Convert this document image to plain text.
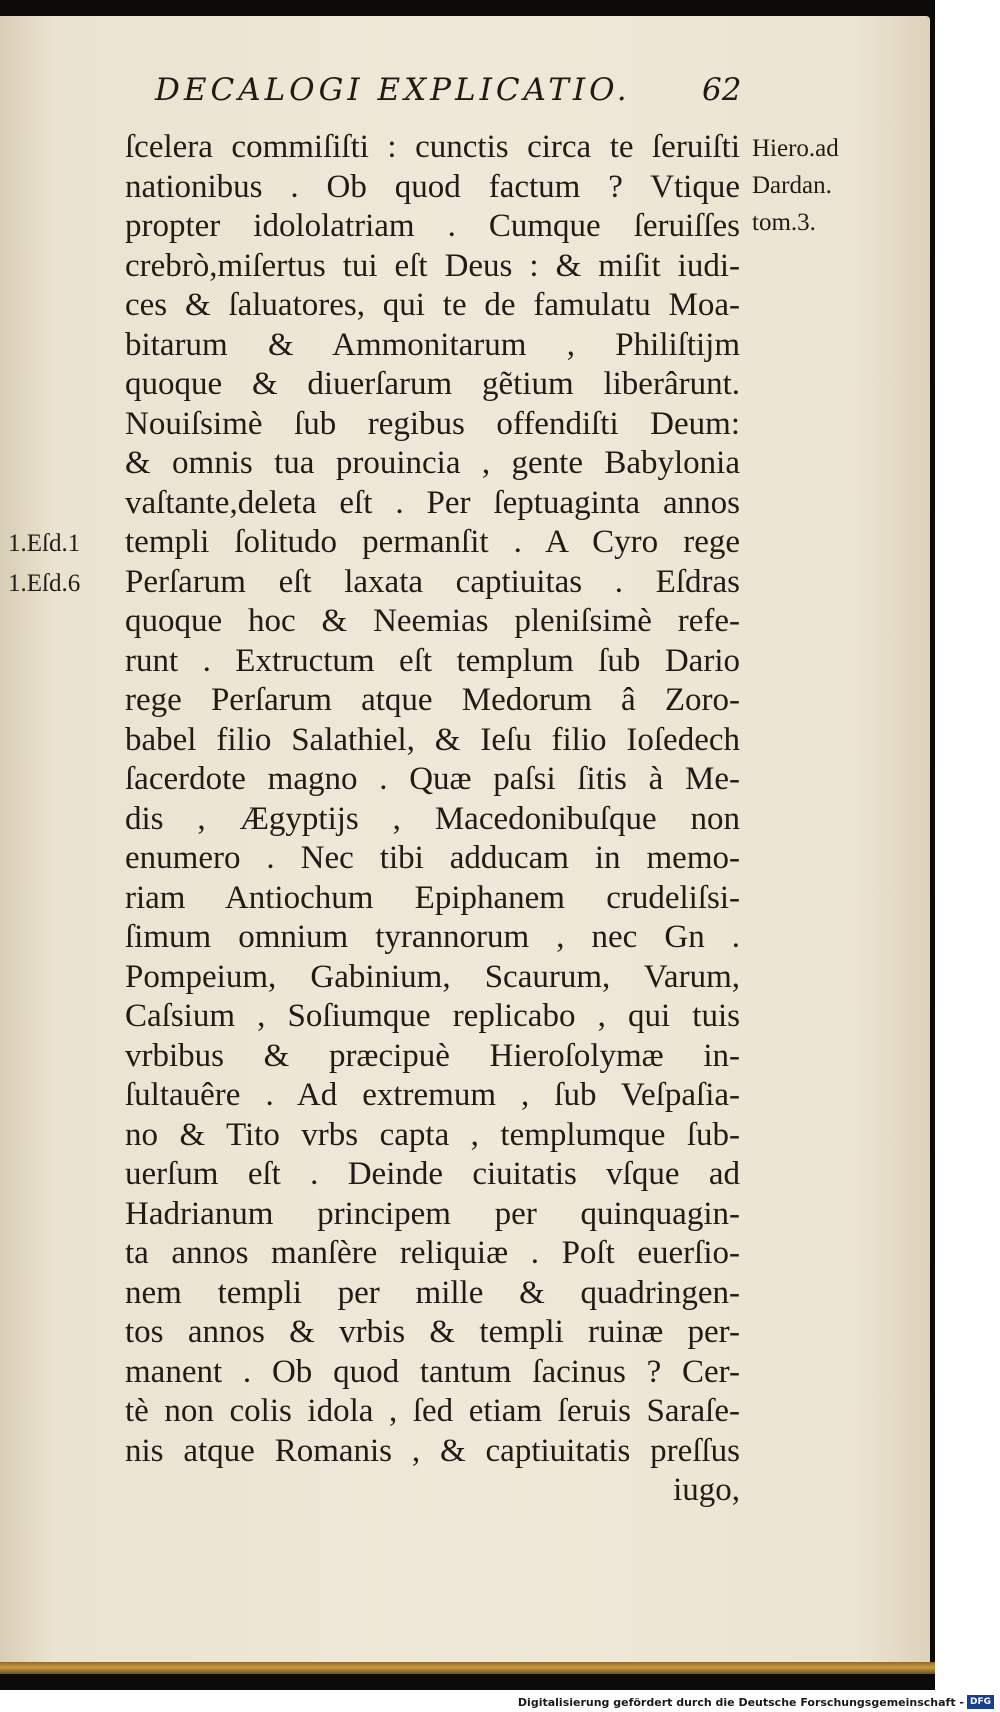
DECALOGI EXPLICATIO.	62
ſcelera commiſiſti : cunctis circa te ſeruiſti
nationibus . Ob quod factum ? Vtique
propter idololatriam . Cumque ſeruiſſes
crebrò,miſertus tui eſt Deus : & miſit iudi-
ces & ſaluatores, qui te de famulatu Moa-
bitarum & Ammonitarum , Philiſtijm
quoque & diuerſarum gẽtium liberârunt.
Nouiſsimè ſub regibus offendiſti Deum:
& omnis tua prouincia , gente Babylonia
vaſtante,deleta eſt . Per ſeptuaginta annos
templi ſolitudo permanſit . A Cyro rege
Perſarum eſt laxata captiuitas . Eſdras
quoque hoc & Neemias pleniſsimè refe-
runt . Extructum eſt templum ſub Dario
rege Perſarum atque Medorum â Zoro-
babel filio Salathiel, & Ieſu filio Ioſedech
ſacerdote magno . Quæ paſsi ſitis à Me-
dis , Ægyptijs , Macedonibuſque non
enumero . Nec tibi adducam in memo-
riam Antiochum Epiphanem crudeliſsi-
ſimum omnium tyrannorum , nec Gn .
Pompeium, Gabinium, Scaurum, Varum,
Caſsium , Soſiumque replicabo , qui tuis
vrbibus & præcipuè Hieroſolymæ in-
ſultauêre . Ad extremum , ſub Veſpaſia-
no & Tito vrbs capta , templumque ſub-
uerſum eſt . Deinde ciuitatis vſque ad
Hadrianum principem per quinquagin-
ta annos manſère reliquiæ . Poſt euerſio-
nem templi per mille & quadringen-
tos annos & vrbis & templi ruinæ per-
manent . Ob quod tantum ſacinus ? Cer-
tè non colis idola , ſed etiam ſeruis Saraſe-
nis atque Romanis , & captiuitatis preſſus
iugo,
Hiero.ad
Dardan.
tom.3.
1.Eſd.1
1.Eſd.6
Digitalisierung gefördert durch die Deutsche Forschungsgemeinschaft - DFG
